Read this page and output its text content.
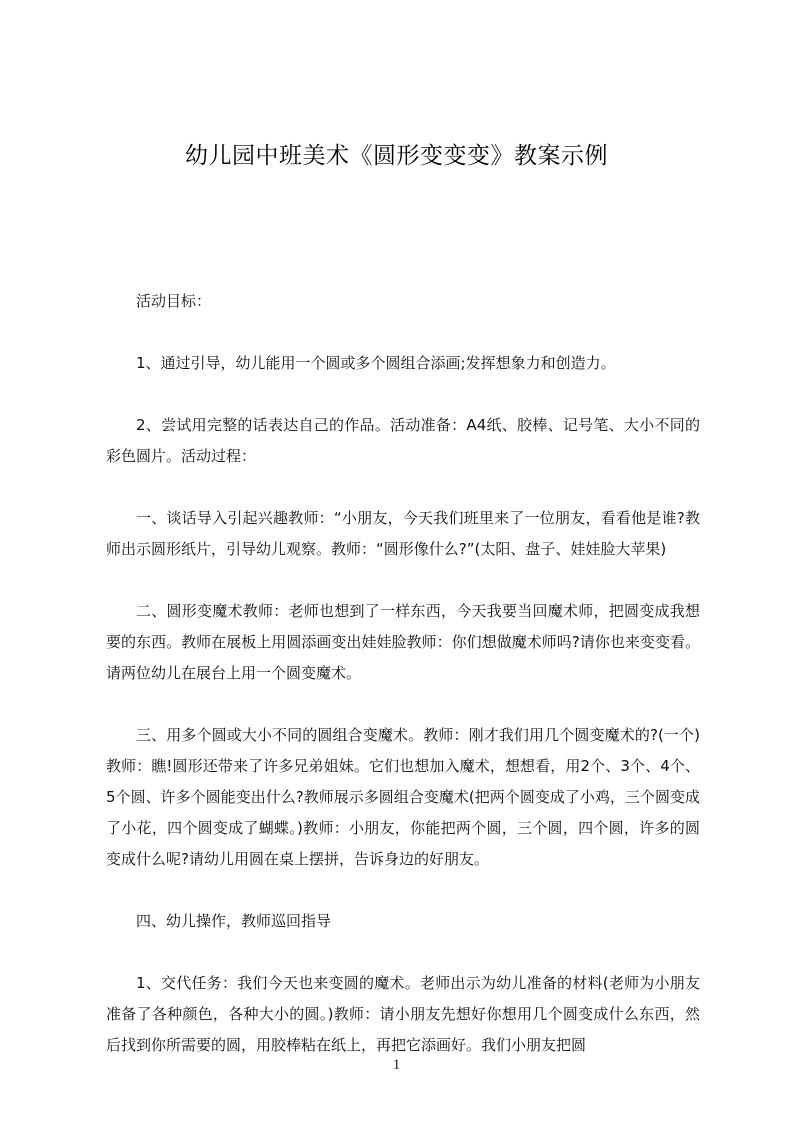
幼儿园中班美术《圆形变变变》教案示例

活动目标：

1、通过引导，幼儿能用一个圆或多个圆组合添画;发挥想象力和创造力。

2、尝试用完整的话表达自己的作品。活动准备：A4纸、胶棒、记号笔、大小不同的彩色圆片。活动过程：

一、谈话导入引起兴趣教师：“小朋友，今天我们班里来了一位朋友，看看他是谁?教师出示圆形纸片，引导幼儿观察。教师：“圆形像什么?”(太阳、盘子、娃娃脸大苹果)

二、圆形变魔术教师：老师也想到了一样东西，今天我要当回魔术师，把圆变成我想要的东西。教师在展板上用圆添画变出娃娃脸教师：你们想做魔术师吗?请你也来变变看。请两位幼儿在展台上用一个圆变魔术。

三、用多个圆或大小不同的圆组合变魔术。教师：刚才我们用几个圆变魔术的?(一个)教师：瞧!圆形还带来了许多兄弟姐妹。它们也想加入魔术，想想看，用2个、3个、4个、5个圆、许多个圆能变出什么?教师展示多圆组合变魔术(把两个圆变成了小鸡，三个圆变成了小花，四个圆变成了蝴蝶。)教师：小朋友，你能把两个圆，三个圆，四个圆，许多的圆变成什么呢?请幼儿用圆在桌上摆拼，告诉身边的好朋友。

四、幼儿操作，教师巡回指导

1、交代任务：我们今天也来变圆的魔术。老师出示为幼儿准备的材料(老师为小朋友准备了各种颜色，各种大小的圆。)教师：请小朋友先想好你想用几个圆变成什么东西，然后找到你所需要的圆，用胶棒粘在纸上，再把它添画好。我们小朋友把圆

1
